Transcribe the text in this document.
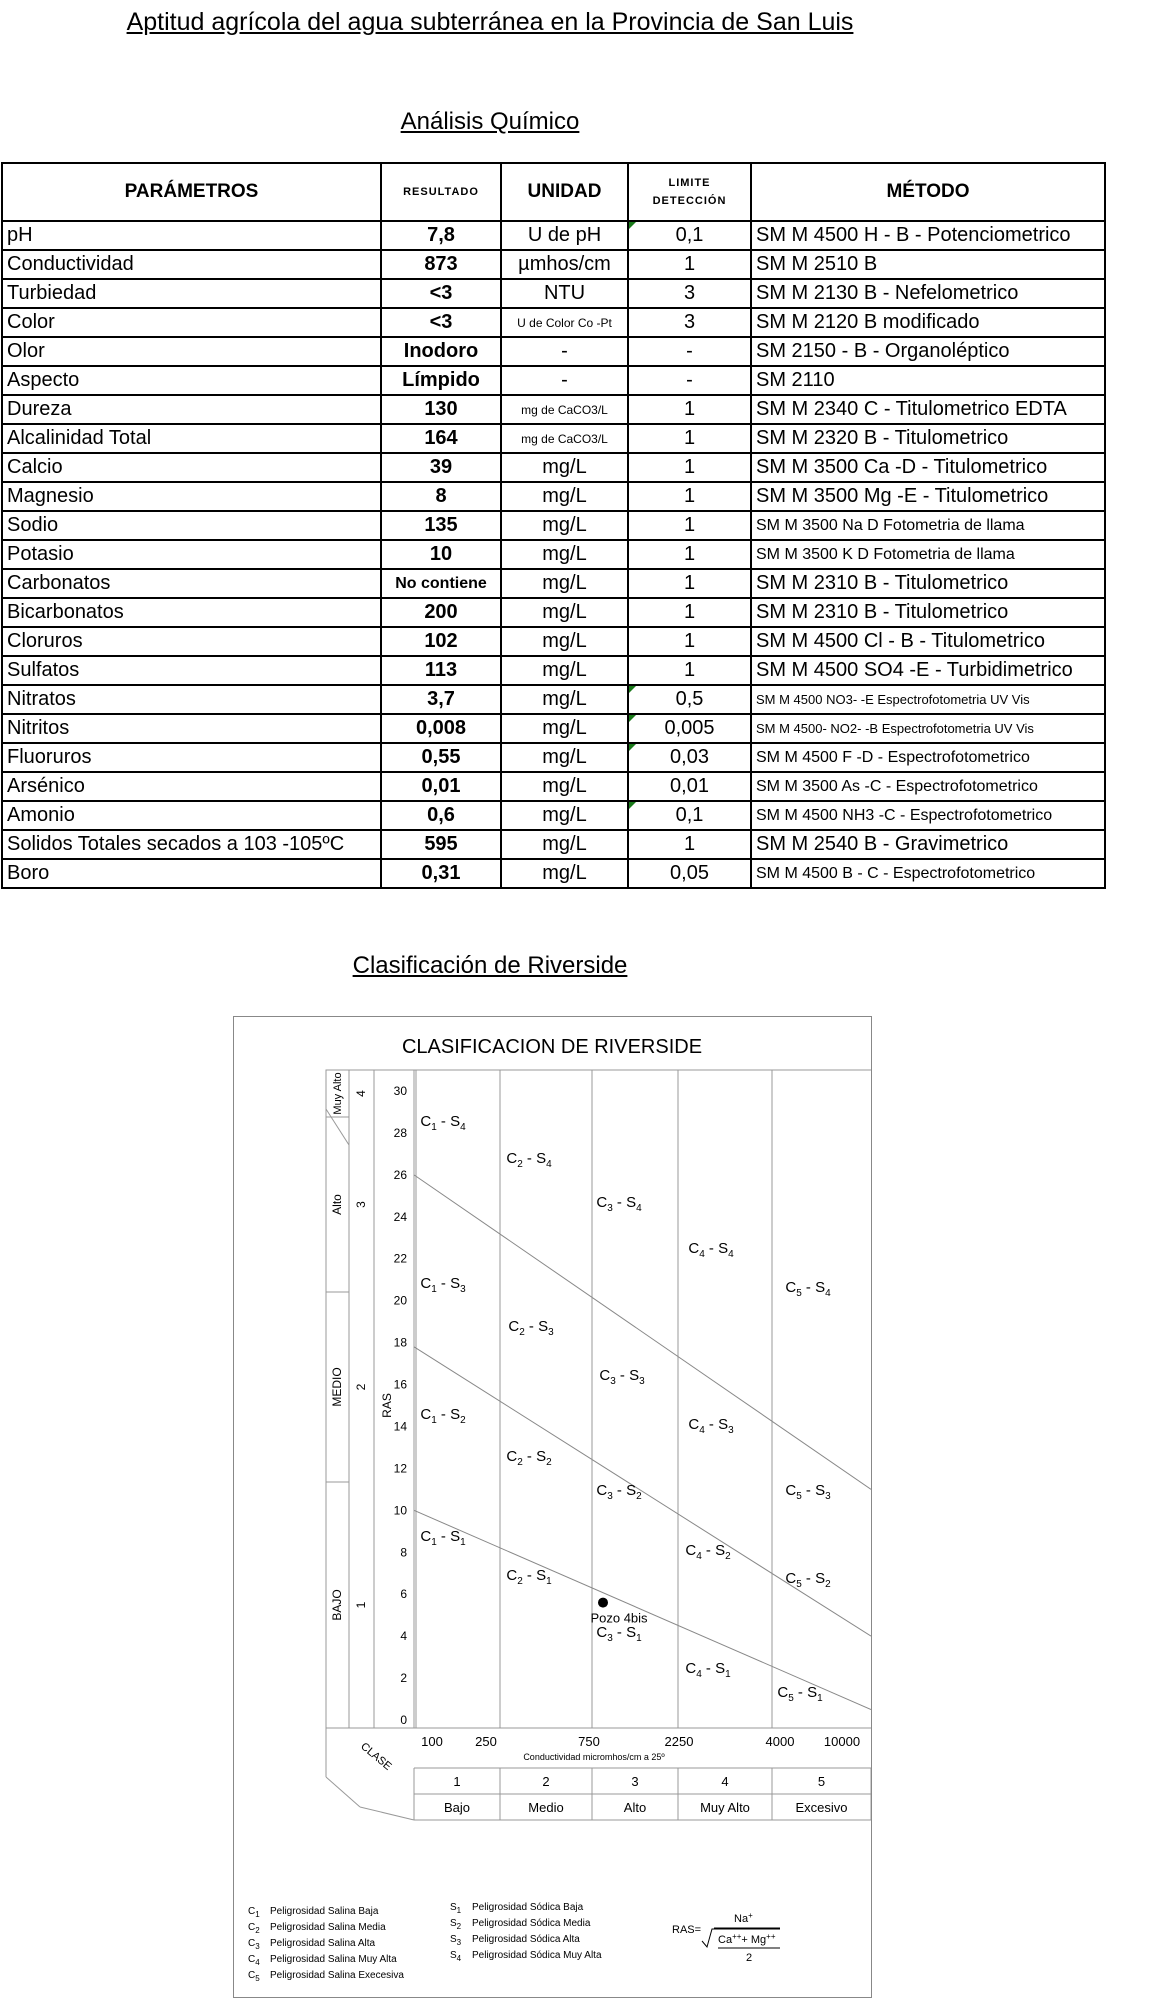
Aptitud agrícola del agua subterránea en la Provincia de San Luis
Análisis Químico
PARÁMETROS	RESULTADO	UNIDAD	LIMITE DETECCIÓN	MÉTODO
pH	7,8	U de pH	0,1	SM M 4500 H - B - Potenciometrico
Conductividad	873	µmhos/cm	1	SM M 2510 B
Turbiedad	<3	NTU	3	SM M 2130 B - Nefelometrico
Color	<3	U de Color Co -Pt	3	SM M 2120 B modificado
Olor	Inodoro	-	-	SM 2150 - B - Organoléptico
Aspecto	Límpido	-	-	SM 2110
Dureza	130	mg de CaCO3/L	1	SM M 2340 C - Titulometrico EDTA
Alcalinidad Total	164	mg de CaCO3/L	1	SM M 2320 B - Titulometrico
Calcio	39	mg/L	1	SM M 3500 Ca -D - Titulometrico
Magnesio	8	mg/L	1	SM M 3500 Mg -E - Titulometrico
Sodio	135	mg/L	1	SM M 3500 Na D Fotometria de llama
Potasio	10	mg/L	1	SM M 3500 K D Fotometria de llama
Carbonatos	No contiene	mg/L	1	SM M 2310 B - Titulometrico
Bicarbonatos	200	mg/L	1	SM M 2310 B - Titulometrico
Cloruros	102	mg/L	1	SM M 4500 Cl - B - Titulometrico
Sulfatos	113	mg/L	1	SM M 4500 SO4 -E - Turbidimetrico
Nitratos	3,7	mg/L	0,5	SM M 4500 NO3- -E Espectrofotometria UV Vis
Nitritos	0,008	mg/L	0,005	SM M 4500- NO2- -B Espectrofotometria UV Vis
Fluoruros	0,55	mg/L	0,03	SM M 4500 F -D - Espectrofotometrico
Arsénico	0,01	mg/L	0,01	SM M 3500 As -C - Espectrofotometrico
Amonio	0,6	mg/L	0,1	SM M 4500 NH3 -C - Espectrofotometrico
Solidos Totales secados a 103 -105ºC	595	mg/L	1	SM M 2540 B - Gravimetrico
Boro	0,31	mg/L	0,05	SM M 4500 B - C - Espectrofotometrico
Clasificación de Riverside
CLASIFICACION DE RIVERSIDE
Muy Alto 4
Alto 3
MEDIO 2
BAJO 1
0
2
4
6
8
10
12
14
16
18
20
22
24
26
28
30
RAS
$C_1 - S_4$
$C_2 - S_4$
$C_3 - S_4$
$C_4 - S_4$
$C_5 - S_4$
$C_1 - S_3$
$C_2 - S_3$
$C_3 - S_3$
$C_4 - S_3$
$C_5 - S_3$
$C_1 - S_2$
$C_2 - S_2$
$C_3 - S_2$
$C_4 - S_2$
$C_5 - S_2$
$C_1 - S_1$
$C_2 - S_1$
$C_3 - S_1$
$C_4 - S_1$
$C_5 - S_1$
100 250	750	2250	4000 10000
Conductividad micromhos/cm a 25º
CLASE
1
Bajo
2
Medio
3
Alto
4
Muy Alto
5
Excesivo
Pozo 4bis
$C_1$ Peligrosidad Salina Baja
$C_2$ Peligrosidad Salina Media
$C_3$ Peligrosidad Salina Alta
$C_4$ Peligrosidad Salina Muy Alta
$C_5$ Peligrosidad Salina Execesiva
$S_1$ Peligrosidad Sódica Baja
$S_2$ Peligrosidad Sódica Media
$S_3$ Peligrosidad Sódica Alta
$S_4$ Peligrosidad Sódica Muy Alta
RAS=
Na+
Ca+++ Mg++
2
